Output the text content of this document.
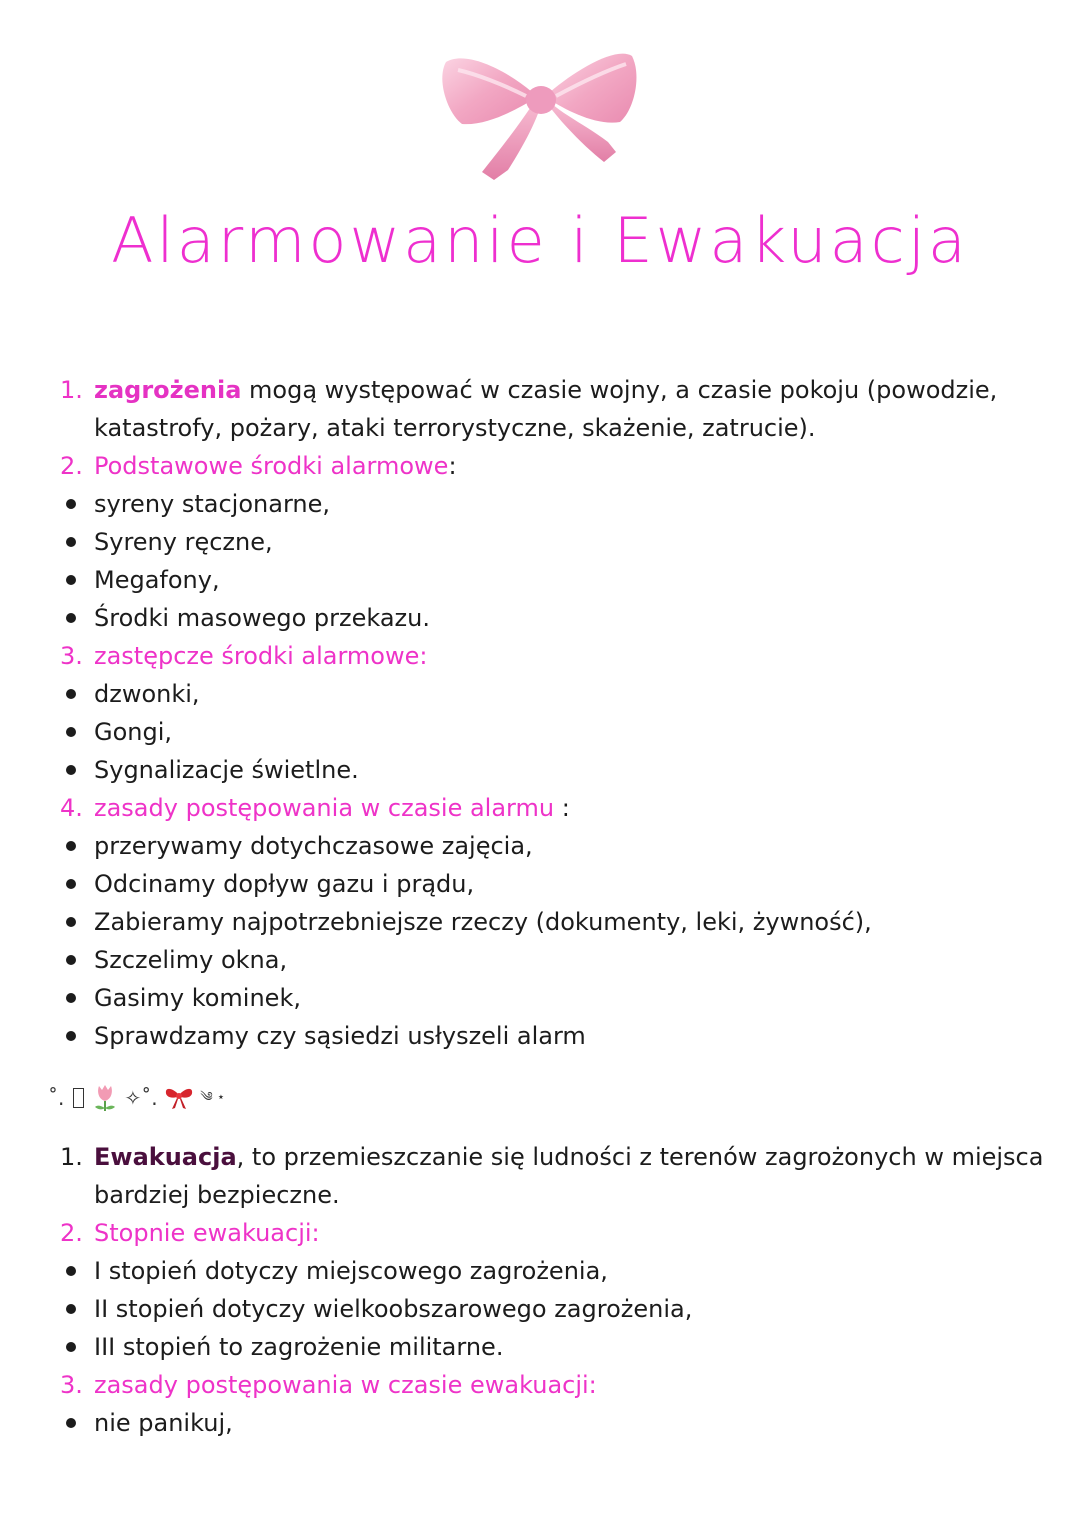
Alarmowanie i Ewakuacja
1. zagrożenia mogą występować w czasie wojny, a czasie pokoju (powodzie,
katastrofy, pożary, ataki terrorystyczne, skażenie, zatrucie).
2. Podstawowe środki alarmowe:
syreny stacjonarne,
Syreny ręczne,
Megafony,
Środki masowego przekazu.
3. zastępcze środki alarmowe:
dzwonki,
Gongi,
Sygnalizacje świetlne.
4. zasady postępowania w czasie alarmu :
przerywamy dotychczasowe zajęcia,
Odcinamy dopływ gazu i prądu,
Zabieramy najpotrzebniejsze rzeczy (dokumenty, leki, żywność),
Szczelimy okna,
Gasimy kominek,
Sprawdzamy czy sąsiedzi usłyszeli alarm
˚.	✧˚.	༄ ⋆
1. Ewakuacja, to przemieszczanie się ludności z terenów zagrożonych w miejsca
bardziej bezpieczne.
2. Stopnie ewakuacji:
I stopień dotyczy miejscowego zagrożenia,
II stopień dotyczy wielkoobszarowego zagrożenia,
III stopień to zagrożenie militarne.
3. zasady postępowania w czasie ewakuacji:
nie panikuj,
